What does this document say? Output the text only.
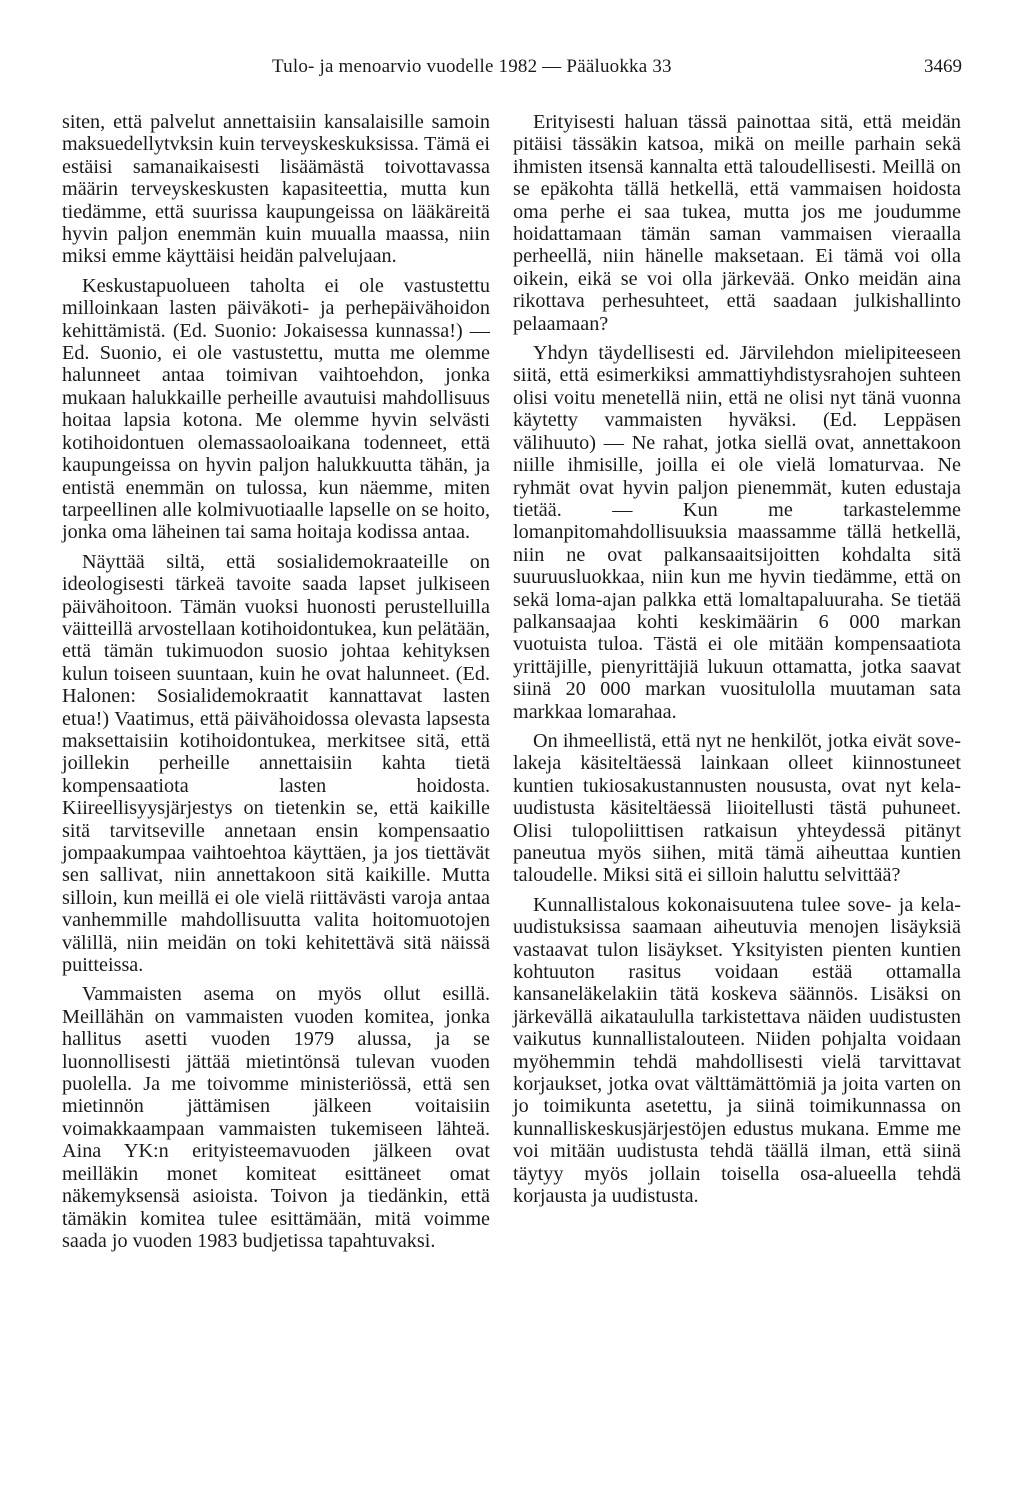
Tulo- ja menoarvio vuodelle 1982 — Pääluokka 33	3469

siten, että palvelut annettaisiin kansalaisille samoin maksuedellytvksin kuin terveyskeskuksissa. Tämä ei estäisi samanaikaisesti lisäämästä toivottavassa määrin terveyskeskusten kapasiteettia, mutta kun tiedämme, että suurissa kaupungeissa on lääkäreitä hyvin paljon enemmän kuin muualla maassa, niin miksi emme käyttäisi heidän palvelujaan.

Keskustapuolueen taholta ei ole vastustettu milloinkaan lasten päiväkoti- ja perhepäivähoidon kehittämistä. (Ed. Suonio: Jokaisessa kunnassa!) — Ed. Suonio, ei ole vastustettu, mutta me olemme halunneet antaa toimivan vaihtoehdon, jonka mukaan halukkaille perheille avautuisi mahdollisuus hoitaa lapsia kotona. Me olemme hyvin selvästi kotihoidontuen olemassaoloaikana todenneet, että kaupungeissa on hyvin paljon halukkuutta tähän, ja entistä enemmän on tulossa, kun näemme, miten tarpeellinen alle kolmivuotiaalle lapselle on se hoito, jonka oma läheinen tai sama hoitaja kodissa antaa.

Näyttää siltä, että sosialidemokraateille on ideologisesti tärkeä tavoite saada lapset julkiseen päivähoitoon. Tämän vuoksi huonosti perustelluilla väitteillä arvostellaan kotihoidontukea, kun pelätään, että tämän tukimuodon suosio johtaa kehityksen kulun toiseen suuntaan, kuin he ovat halunneet. (Ed. Halonen: Sosialidemokraatit kannattavat lasten etua!) Vaatimus, että päivähoidossa olevasta lapsesta maksettaisiin kotihoidontukea, merkitsee sitä, että joillekin perheille annettaisiin kahta tietä kompensaatiota lasten hoidosta. Kiireellisyysjärjestys on tietenkin se, että kaikille sitä tarvitseville annetaan ensin kompensaatio jompaakumpaa vaihtoehtoa käyttäen, ja jos tiettävät sen sallivat, niin annettakoon sitä kaikille. Mutta silloin, kun meillä ei ole vielä riittävästi varoja antaa vanhemmille mahdollisuutta valita hoitomuotojen välillä, niin meidän on toki kehitettävä sitä näissä puitteissa.

Vammaisten asema on myös ollut esillä. Meillähän on vammaisten vuoden komitea, jonka hallitus asetti vuoden 1979 alussa, ja se luonnollisesti jättää mietintönsä tulevan vuoden puolella. Ja me toivomme ministeriössä, että sen mietinnön jättämisen jälkeen voitaisiin voimakkaampaan vammaisten tukemiseen lähteä. Aina YK:n erityisteemavuoden jälkeen ovat meilläkin monet komiteat esittäneet omat näkemyksensä asioista. Toivon ja tiedänkin, että tämäkin komitea tulee esittämään, mitä voimme saada jo vuoden 1983 budjetissa tapahtuvaksi.

Erityisesti haluan tässä painottaa sitä, että meidän pitäisi tässäkin katsoa, mikä on meille parhain sekä ihmisten itsensä kannalta että taloudellisesti. Meillä on se epäkohta tällä hetkellä, että vammaisen hoidosta oma perhe ei saa tukea, mutta jos me joudumme hoidattamaan tämän saman vammaisen vieraalla perheellä, niin hänelle maksetaan. Ei tämä voi olla oikein, eikä se voi olla järkevää. Onko meidän aina rikottava perhesuhteet, että saadaan julkishallinto pelaamaan?

Yhdyn täydellisesti ed. Järvilehdon mielipiteeseen siitä, että esimerkiksi ammattiyhdistysrahojen suhteen olisi voitu menetellä niin, että ne olisi nyt tänä vuonna käytetty vammaisten hyväksi. (Ed. Leppäsen välihuuto) — Ne rahat, jotka siellä ovat, annettakoon niille ihmisille, joilla ei ole vielä lomaturvaa. Ne ryhmät ovat hyvin paljon pienemmät, kuten edustaja tietää. — Kun me tarkastelemme lomanpitomahdollisuuksia maassamme tällä hetkellä, niin ne ovat palkansaaitsijoitten kohdalta sitä suuruusluokkaa, niin kun me hyvin tiedämme, että on sekä loma-ajan palkka että lomaltapaluuraha. Se tietää palkansaajaa kohti keskimäärin 6 000 markan vuotuista tuloa. Tästä ei ole mitään kompensaatiota yrittäjille, pienyrittäjiä lukuun ottamatta, jotka saavat siinä 20 000 markan vuositulolla muutaman sata markkaa lomarahaa.

On ihmeellistä, että nyt ne henkilöt, jotka eivät sove-lakeja käsiteltäessä lainkaan olleet kiinnostuneet kuntien tukiosakustannusten noususta, ovat nyt kela-uudistusta käsiteltäessä liioitellusti tästä puhuneet. Olisi tulopoliittisen ratkaisun yhteydessä pitänyt paneutua myös siihen, mitä tämä aiheuttaa kuntien taloudelle. Miksi sitä ei silloin haluttu selvittää?

Kunnallistalous kokonaisuutena tulee sove- ja kela-uudistuksissa saamaan aiheutuvia menojen lisäyksiä vastaavat tulon lisäykset. Yksityisten pienten kuntien kohtuuton rasitus voidaan estää ottamalla kansaneläkelakiin tätä koskeva säännös. Lisäksi on järkevällä aikataululla tarkistettava näiden uudistusten vaikutus kunnallistalouteen. Niiden pohjalta voidaan myöhemmin tehdä mahdollisesti vielä tarvittavat korjaukset, jotka ovat välttämättömiä ja joita varten on jo toimikunta asetettu, ja siinä toimikunnassa on kunnalliskeskusjärjestöjen edustus mukana. Emme me voi mitään uudistusta tehdä täällä ilman, että siinä täytyy myös jollain toisella osa-alueella tehdä korjausta ja uudistusta.
